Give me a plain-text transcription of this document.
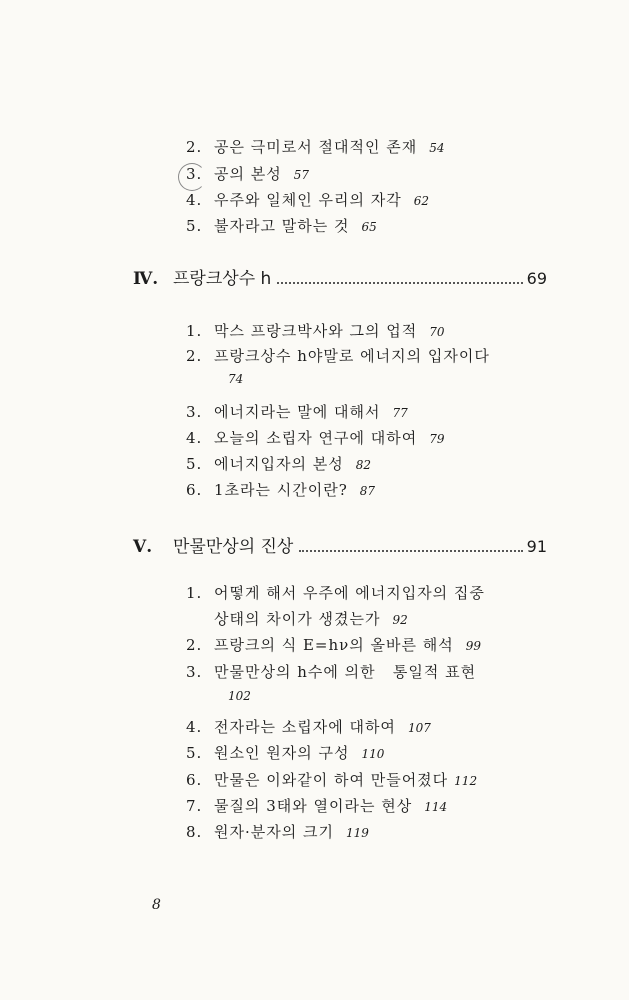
2. 공은 극미로서 절대적인 존재 54
3. 공의 본성 57
4. 우주와 일체인 우리의 자각 62
5. 불자라고 말하는 것 65
Ⅳ. 프랑크상수 h	69
1. 막스 프랑크박사와 그의 업적 70
2. 프랑크상수 h야말로 에너지의 입자이다
74
3. 에너지라는 말에 대해서 77
4. 오늘의 소립자 연구에 대하여 79
5. 에너지입자의 본성 82
6. 1초라는 시간이란? 87
Ⅴ.	만물만상의 진상	91
1. 어떻게 해서 우주에 에너지입자의 집중
상태의 차이가 생겼는가 92
2. 프랑크의 식 E=hν의 올바른 해석 99
3. 만물만상의 h수에 의한   통일적 표현
102
4. 전자라는 소립자에 대하여 107
5. 원소인 원자의 구성 110
6. 만물은 이와같이 하여 만들어졌다 112
7. 물질의 3태와 열이라는 현상 114
8. 원자·분자의 크기 119
8
